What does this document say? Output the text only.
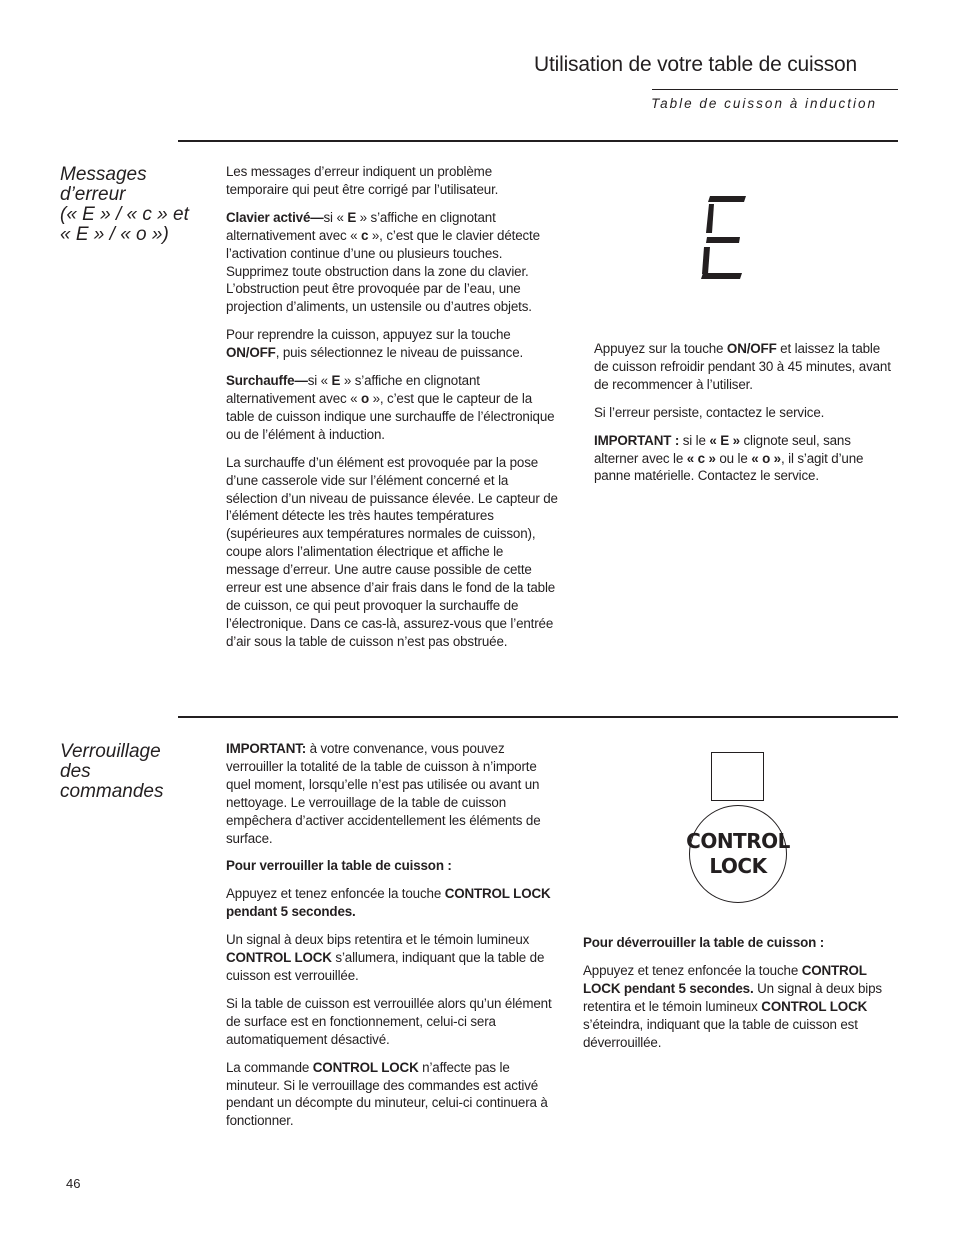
Utilisation de votre table de cuisson
Table de cuisson à induction
Messages
d’erreur
(« E » / « c » et
« E » / « o »)

Les messages d’erreur indiquent un problème temporaire qui peut être corrigé par l’utilisateur.

Clavier activé—si « E » s’affiche en clignotant alternativement avec « c », c’est que le clavier détecte l’activation continue d’une ou plusieurs touches. Supprimez toute obstruction dans la zone du clavier. L’obstruction peut être provoquée par de l’eau, une projection d’aliments, un ustensile ou d’autres objets.

Pour reprendre la cuisson, appuyez sur la touche ON/OFF, puis sélectionnez le niveau de puissance.

Surchauffe—si « E » s’affiche en clignotant alternativement avec « o », c’est que le capteur de la table de cuisson indique une surchauffe de l’électronique ou de l’élément à induction.

La surchauffe d’un élément est provoquée par la pose d’une casserole vide sur l’élément concerné et la sélection d’un niveau de puissance élevée. Le capteur de l’élément détecte les très hautes températures (supérieures aux températures normales de cuisson), coupe alors l’alimentation électrique et affiche le message d’erreur. Une autre cause possible de cette erreur est une absence d’air frais dans le fond de la table de cuisson, ce qui peut provoquer la surchauffe de l’électronique. Dans ce cas-là, assurez-vous que l’entrée d’air sous la table de cuisson n’est pas obstruée.

Appuyez sur la touche ON/OFF et laissez la table de cuisson refroidir pendant 30 à 45 minutes, avant de recommencer à l’utiliser.

Si l’erreur persiste, contactez le service.

IMPORTANT : si le « E » clignote seul, sans alterner avec le « c » ou le « o », il s’agit d’une panne matérielle. Contactez le service.

Verrouillage
des
commandes

IMPORTANT: à votre convenance, vous pouvez verrouiller la totalité de la table de cuisson à n’importe quel moment, lorsqu’elle n’est pas utilisée ou avant un nettoyage. Le verrouillage de la table de cuisson empêchera d’activer accidentellement les éléments de surface.

Pour verrouiller la table de cuisson :

Appuyez et tenez enfoncée la touche CONTROL LOCK pendant 5 secondes.

Un signal à deux bips retentira et le témoin lumineux CONTROL LOCK s’allumera, indiquant que la table de cuisson est verrouillée.

Si la table de cuisson est verrouillée alors qu’un élément de surface est en fonctionnement, celui-ci sera automatiquement désactivé.

La commande CONTROL LOCK n’affecte pas le minuteur. Si le verrouillage des commandes est activé pendant un décompte du minuteur, celui-ci continuera à fonctionner.

CONTROL
LOCK

Pour déverrouiller la table de cuisson :

Appuyez et tenez enfoncée la touche CONTROL LOCK pendant 5 secondes. Un signal à deux bips retentira et le témoin lumineux CONTROL LOCK s’éteindra, indiquant que la table de cuisson est déverrouillée.

46
